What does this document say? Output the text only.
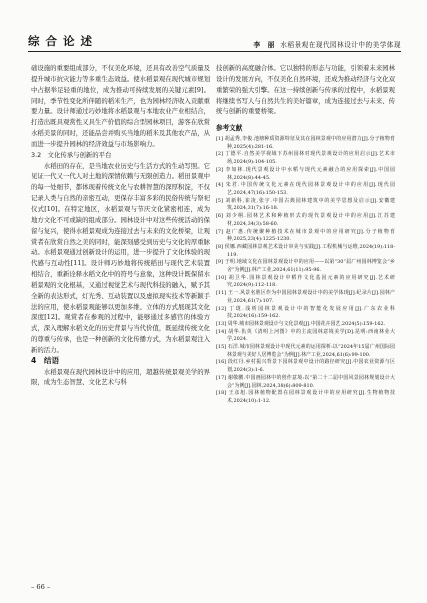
综 合 论 述	李　丽 水稻景观在现代园林设计中的美学体现

础设施的重要组成部分，不仅美化环境，还具有改善空气质量及提升城市抗灾能力等多重生态效益。使水稻景观在现代城市规划中占据举足轻重的地位，成为推动可持续发展的关键元素[9]。同时，季节性变化所伴随的稻米生产，也为园林经济收入贡献重要力量。设计师通过巧妙地将水稻景观与本地农业产业相结合，打造出既具观赏性又具生产价值的综合型园林项目，游客在欣赏水稻美景的同时，还能品尝并购买当地的稻米及其他农产品，从而进一步提升园林的经济效益与市场影响力。

3.2　文化传承与创新的平台

水稻田的存在，是当地农业历史与生活方式的生动写照。它见证一代又一代人对土地的深情依赖与无限创造力。稻田景观中的每一处细节，都体现着传统文化与农耕智慧的深厚积淀，不仅记录人类与自然的亲密互动，更保存丰富多彩的民俗传统与祭祀仪式[10]。在特定地区，水稻景观与节庆文化紧密相连，成为地方文化不可或缺的组成部分。园林设计中对这些传统活动的保留与复兴，使得水稻景观成为连接过去与未来的文化桥梁，让观赏者在欣赏自然之美的同时，能深刻感受到历史与文化的厚重脉动。水稻景观通过创新设计的运用，进一步提升了文化体验的现代感与互动性[11]。设计师巧妙地将传统稻田与现代艺术装置相结合，重新诠释水稻文化中的符号与意象，这种设计既保留水稻景观的文化根基，又通过视觉艺术与现代科技的融入，赋予其全新的表达形式，灯光秀、互动装置以及虚拟现实技术等新颖手法的应用，使水稻景观能够以更加多维、立体的方式展现其文化深度[12]。观赏者在参观的过程中，能够通过多感官的体验方式，深入理解水稻文化的历史背景与当代价值，既延续传统文化的尊重与传承，也是一种创新的文化传播方式，为水稻景观注入新的活力。

4　结语

水稻景观在现代园林设计中的应用，超越传统景观美学的界限，成为生态智慧、文化艺术与科

技创新的高度融合体。它以独特的形态与功能，引领着未来园林设计的发展方向，不仅美化自然环境，还成为推动经济与文化双重繁荣的强大引擎。在这一持续创新与传承的过程中，水稻景观将继续书写人与自然共生的美好篇章，成为连接过去与未来、传统与创新的重要桥梁。

参考文献
[1] 胡孟秀,李俊.池塘种质资源特征及其在园林景观中的应用潜力[J].分子植物育种,2025(4):281-16.
[2] 丁德平.自然美学视域下苏州园林对现代景观设计的应用启示[J].艺术市场,2024(9):104-105.
[3] 李如林.现代景观设计中水稻与现代元素融合的应用探索[J].中国园林,2024(8):44-45.
[4] 朱君.中国传统文化元素在现代园林景观设计中的应用[J].现代园艺,2024,47(16):150-153.
[5] 刘新科,崔凌,张宇.中国古典园林建筑中的美学思想及启示[J].安徽建筑,2024,31(7):16-18.
[6] 刘少栩.园林艺术和种植形式的现代景观设计中的应用[J].江苏建材,2024,34(3):58-60.
[7] 赵广惠.传统聚种植技术在城市景观中的应用研究[J].分子植物育种,2025,23(4):1225-1230.
[8] 侯娜.西藏园林景观艺术设计审美与实践[J].工程机械与运维,2024(19):118-119.
[9] 于明.地域文化在园林景观设计中的应用——以第“30”届广州园林博览会“乡舍”为例[J].林产工业,2024,61(11):95-96.
[10] 胡卫华.园林景观设计中稻作文化基因元素的应用研究[J].艺术研究,2024(9):112-118.
[11] 王一.风景名胜区作为中国园林景观设计中的美学体现[J].纪录片[J].园林产业,2024,61(7):107.
[12] 丁珑.浅析园林景观设计中的智能化发展应用[J].广东农业科技,2024(16):159-162.
[13] 周华.城市园林景观设计与文化景观[J].中国花卉园艺,2024(5):159-162.
[14] 胡华.仇英《清明上河图》中的主流园林意境美学[D].昆明:西南林业大学,2024.
[15] 石洋.城市园林景观设计中现代元素的运用探析:以“2024年15届广州国际园林景观与美好人居博览会”为例[J].林产工业,2024,61(6):99-100.
[16] 段红丹.乡村振兴背景下园林景观中设计的路径研究[J].中国农业资源与区划,2024(3):1-6.
[17] 谢敬鹏.中国画园林中的创作意境:以“第二十二届中国风景园林规划设计大会”为例[J].园林,2024,38(6):809-810.
[18] 王彦旭.园林植物配置在园林景观设计中的应用研究[J].生物植物技术,2024(10):1-12.
– 66 –
